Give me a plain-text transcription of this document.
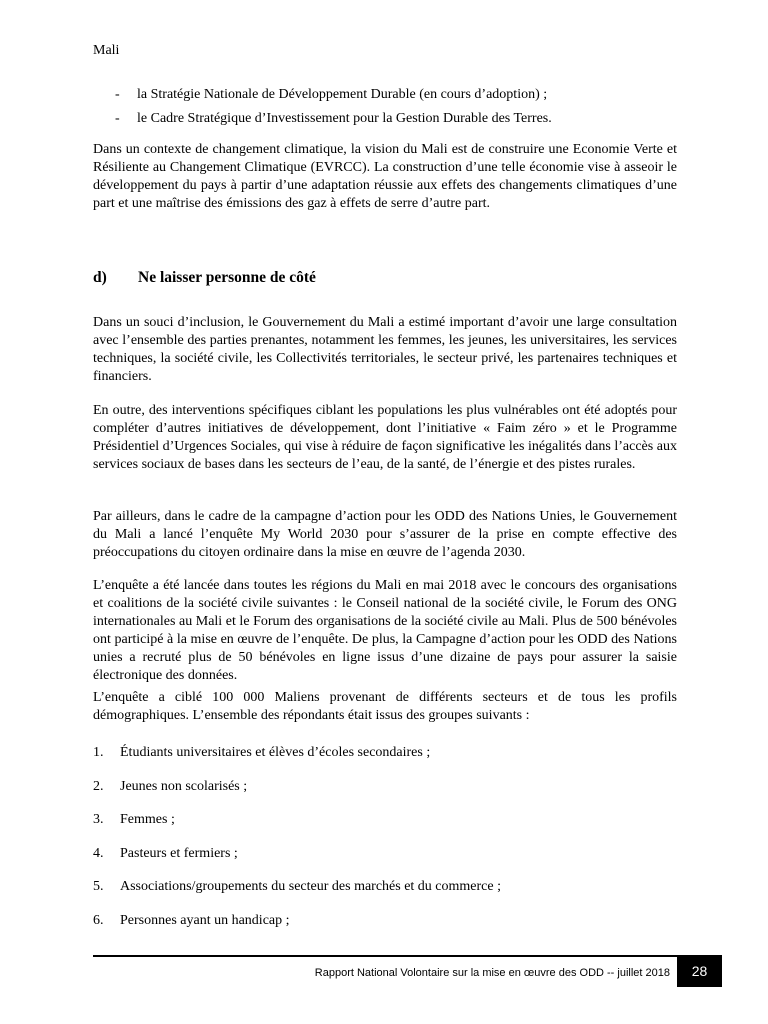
Mali
-	la Stratégie Nationale de Développement Durable (en cours d’adoption) ;
-	le Cadre Stratégique d’Investissement pour la Gestion Durable des Terres.

Dans un contexte de changement climatique, la vision du Mali est de construire une Economie Verte et Résiliente au Changement Climatique (EVRCC). La construction d’une telle économie vise à asseoir le développement du pays à partir d’une adaptation réussie aux effets des changements climatiques d’une part et une maîtrise des émissions des gaz à effets de serre d’autre part.

d)	Ne laisser personne de côté

Dans un souci d’inclusion, le Gouvernement du Mali a estimé important d’avoir une large consultation avec l’ensemble des parties prenantes, notamment les femmes, les jeunes, les universitaires, les services techniques, la société civile, les Collectivités territoriales, le secteur privé, les partenaires techniques et financiers.

En outre, des interventions spécifiques ciblant les populations les plus vulnérables ont été adoptés pour compléter d’autres initiatives de développement, dont l’initiative « Faim zéro » et le Programme Présidentiel d’Urgences Sociales, qui vise à réduire de façon significative les inégalités dans l’accès aux services sociaux de bases dans les secteurs de l’eau, de la santé, de l’énergie et des pistes rurales.

Par ailleurs, dans le cadre de la campagne d’action pour les ODD des Nations Unies, le Gouvernement du Mali a lancé l’enquête My World 2030 pour s’assurer de la prise en compte effective des préoccupations du citoyen ordinaire dans la mise en œuvre de l’agenda 2030.

L’enquête a été lancée dans toutes les régions du Mali en mai 2018 avec le concours des organisations et coalitions de la société civile suivantes : le Conseil national de la société civile, le Forum des ONG internationales au Mali et le Forum des organisations de la société civile au Mali. Plus de 500 bénévoles ont participé à la mise en œuvre de l’enquête. De plus, la Campagne d’action pour les ODD des Nations unies a recruté plus de 50 bénévoles en ligne issus d’une dizaine de pays pour assurer la saisie électronique des données.

L’enquête a ciblé 100 000 Maliens provenant de différents secteurs et de tous les profils démographiques. L’ensemble des répondants était issus des groupes suivants :

1.	Étudiants universitaires et élèves d’écoles secondaires ;
2.	Jeunes non scolarisés ;
3.	Femmes ;
4.	Pasteurs et fermiers ;
5.	Associations/groupements du secteur des marchés et du commerce ;
6.	Personnes ayant un handicap ;
Rapport National Volontaire sur la mise en œuvre des ODD -- juillet 2018	28
